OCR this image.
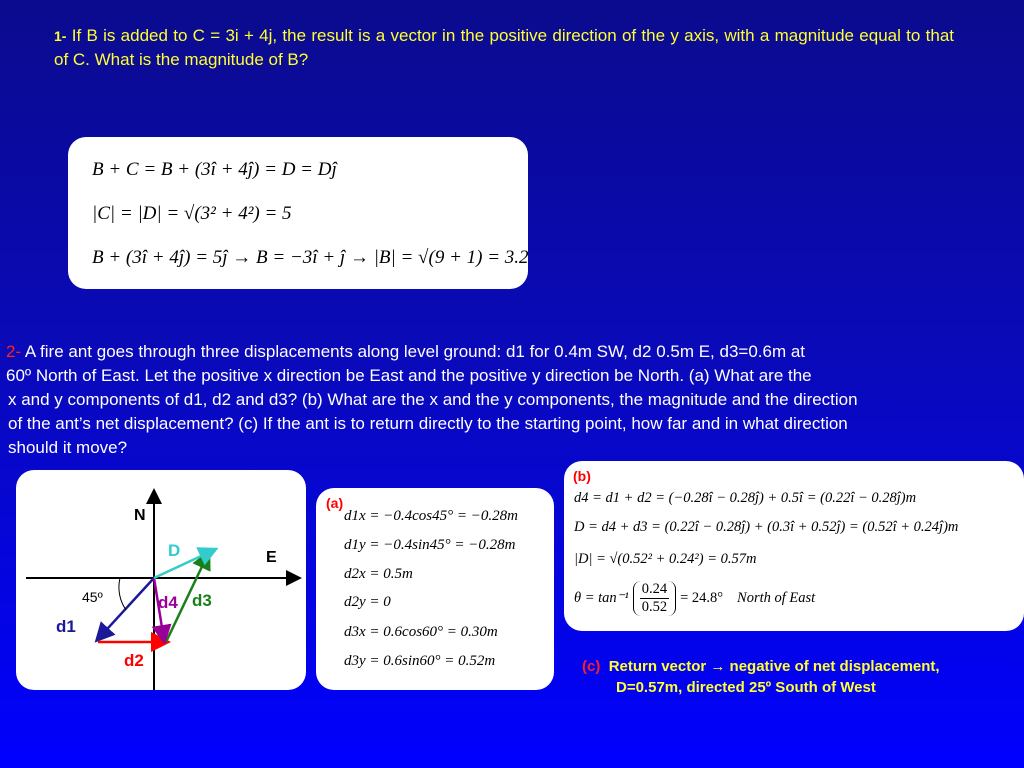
1- If B is added to C = 3i + 4j, the result is a vector in the positive direction of the y axis, with a magnitude equal to that of C. What is the magnitude of B?
B + C = B + (3î + 4ĵ) = D = Dĵ
|C| = |D| = √(3² + 4²) = 5
B + (3î + 4ĵ) = 5ĵ → B = −3î + ĵ → |B| = √(9 + 1) = 3.2
2- A fire ant goes through three displacements along level ground: d1 for 0.4m SW, d2 0.5m E, d3=0.6m at
60º North of East. Let the positive x direction be East and the positive y direction be North. (a) What are the
x and y components of d1, d2 and d3? (b) What are the x and the y components, the magnitude and the direction
of the ant’s net displacement? (c) If the ant is to return directly to the starting point, how far and in what direction
should it move?
N
E
45º
d1
d2
d3
d4
D
(a)
d1x = −0.4cos45° = −0.28m
d1y = −0.4sin45° = −0.28m
d2x = 0.5m
d2y = 0
d3x = 0.6cos60° = 0.30m
d3y = 0.6sin60° = 0.52m
(b)
d4 = d1 + d2 = (−0.28î − 0.28ĵ) + 0.5î = (0.22î − 0.28ĵ)m
D = d4 + d3 = (0.22î − 0.28ĵ) + (0.3î + 0.52ĵ) = (0.52î + 0.24ĵ)m
|D| = √(0.52² + 0.24²) = 0.57m
$\theta = \tan^{-1} \frac{0.24}{0.52} = 24.8^\circ$ North of East
(c) Return vector → negative of net displacement,
D=0.57m, directed 25º South of West
